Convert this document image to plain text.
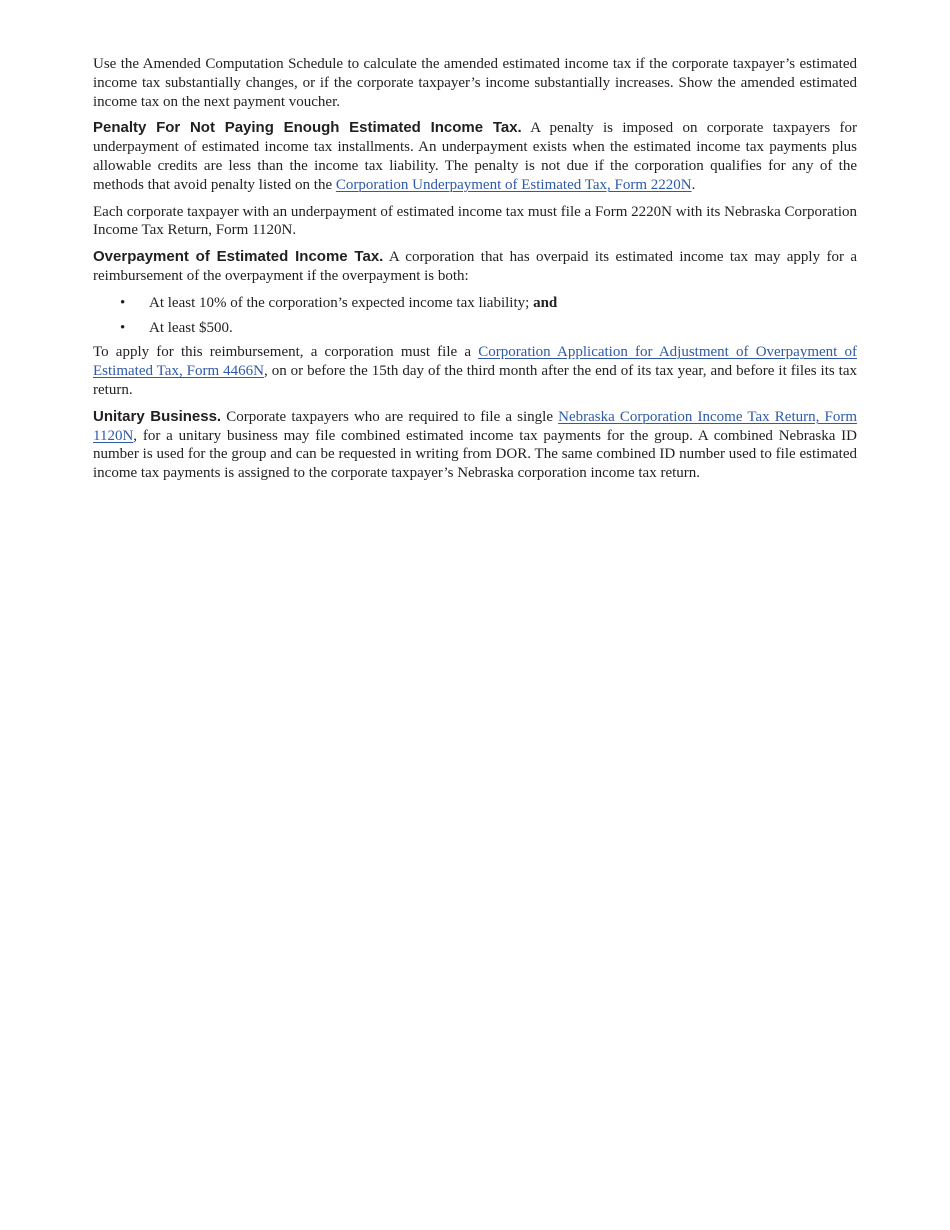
Use the Amended Computation Schedule to calculate the amended estimated income tax if the corporate taxpayer’s estimated income tax substantially changes, or if the corporate taxpayer’s income substantially increases. Show the amended estimated income tax on the next payment voucher.

Penalty For Not Paying Enough Estimated Income Tax. A penalty is imposed on corporate taxpayers for underpayment of estimated income tax installments. An underpayment exists when the estimated income tax payments plus allowable credits are less than the income tax liability. The penalty is not due if the corporation qualifies for any of the methods that avoid penalty listed on the Corporation Underpayment of Estimated Tax, Form 2220N.

Each corporate taxpayer with an underpayment of estimated income tax must file a Form 2220N with its Nebraska Corporation Income Tax Return, Form 1120N.

Overpayment of Estimated Income Tax. A corporation that has overpaid its estimated income tax may apply for a reimbursement of the overpayment if the overpayment is both:

• At least 10% of the corporation’s expected income tax liability; and
• At least $500.

To apply for this reimbursement, a corporation must file a Corporation Application for Adjustment of Overpayment of Estimated Tax, Form 4466N, on or before the 15th day of the third month after the end of its tax year, and before it files its tax return.

Unitary Business. Corporate taxpayers who are required to file a single Nebraska Corporation Income Tax Return, Form 1120N, for a unitary business may file combined estimated income tax payments for the group. A combined Nebraska ID number is used for the group and can be requested in writing from DOR. The same combined ID number used to file estimated income tax payments is assigned to the corporate taxpayer’s Nebraska corporation income tax return.
